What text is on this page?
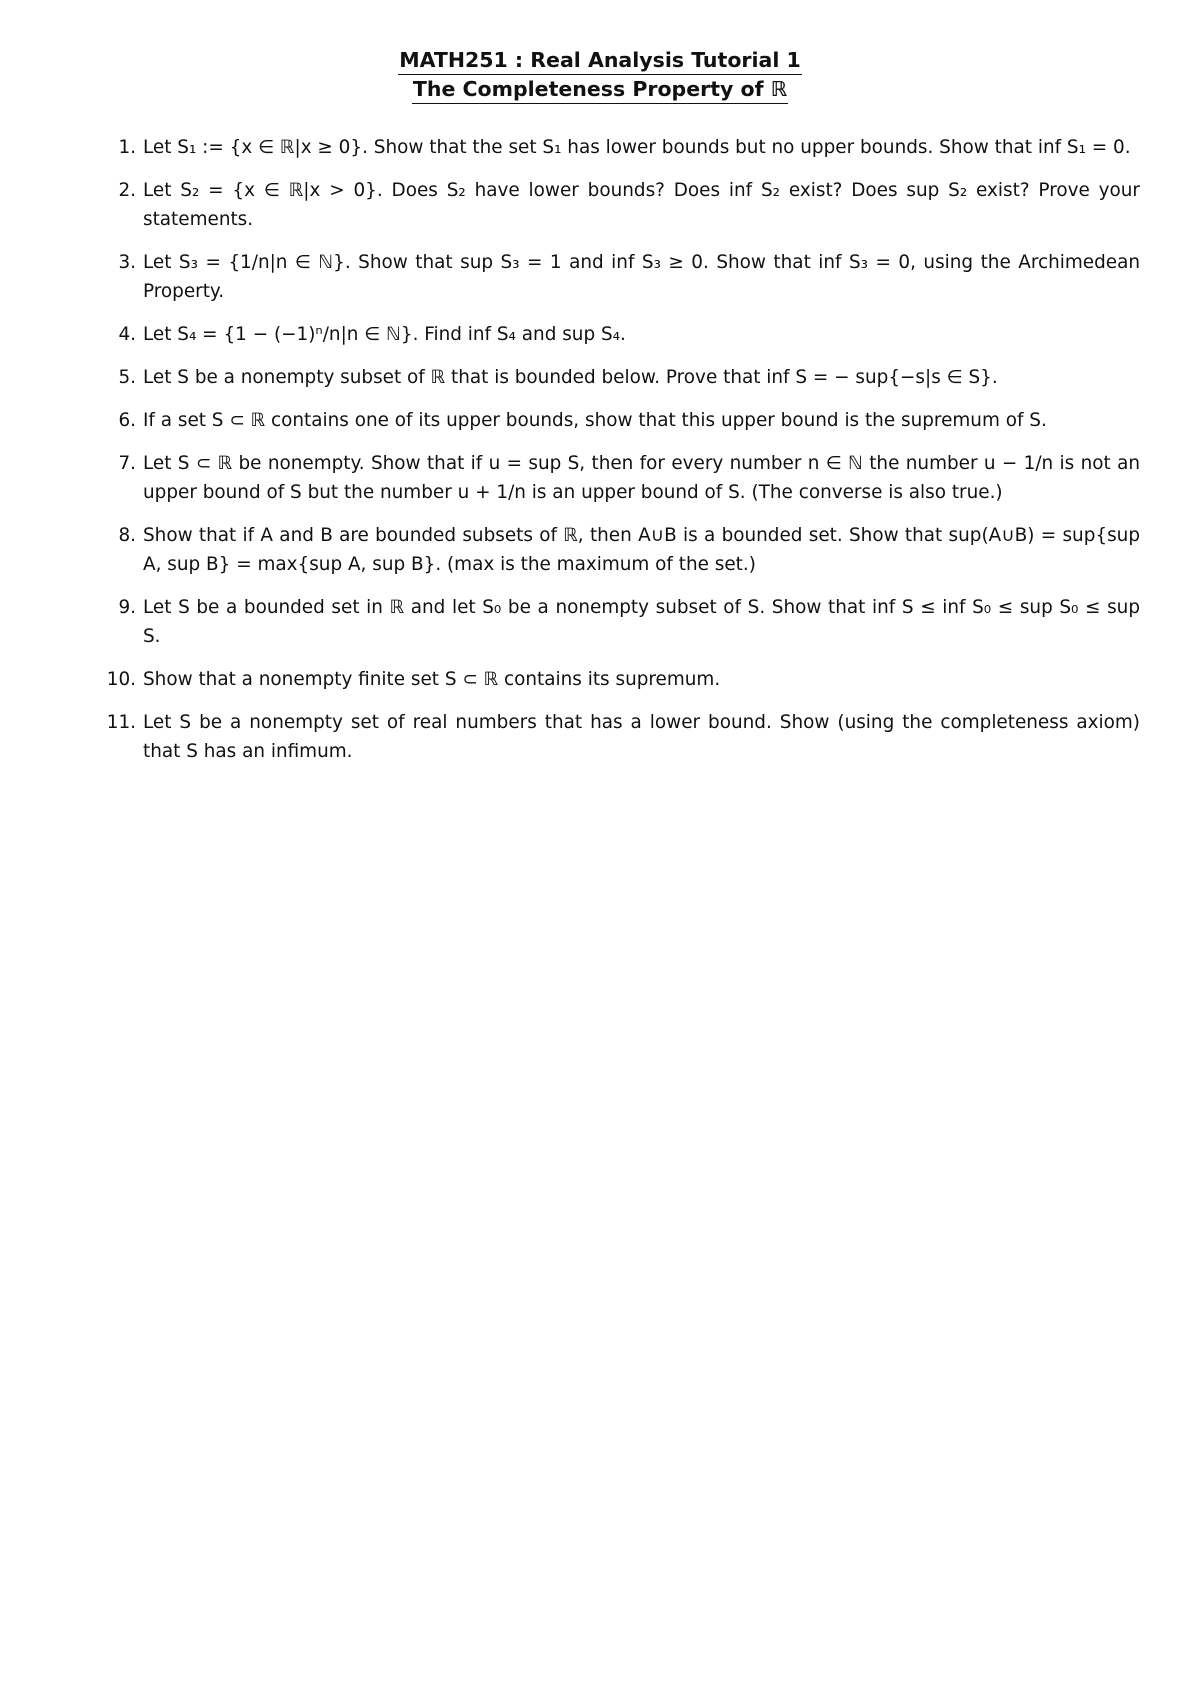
MATH251 : Real Analysis Tutorial 1
The Completeness Property of ℝ
1. Let S₁ := {x ∈ ℝ|x ≥ 0}. Show that the set S₁ has lower bounds but no upper bounds. Show that inf S₁ = 0.
2. Let S₂ = {x ∈ ℝ|x > 0}. Does S₂ have lower bounds? Does inf S₂ exist? Does sup S₂ exist? Prove your statements.
3. Let S₃ = {1/n|n ∈ ℕ}. Show that sup S₃ = 1 and inf S₃ ≥ 0. Show that inf S₃ = 0, using the Archimedean Property.
4. Let S₄ = {1 − (−1)ⁿ/n|n ∈ ℕ}. Find inf S₄ and sup S₄.
5. Let S be a nonempty subset of ℝ that is bounded below. Prove that inf S = − sup{−s|s ∈ S}.
6. If a set S ⊂ ℝ contains one of its upper bounds, show that this upper bound is the supremum of S.
7. Let S ⊂ ℝ be nonempty. Show that if u = sup S, then for every number n ∈ ℕ the number u − 1/n is not an upper bound of S but the number u + 1/n is an upper bound of S. (The converse is also true.)
8. Show that if A and B are bounded subsets of ℝ, then A∪B is a bounded set. Show that sup(A∪B) = sup{sup A, sup B} = max{sup A, sup B}. (max is the maximum of the set.)
9. Let S be a bounded set in ℝ and let S₀ be a nonempty subset of S. Show that inf S ≤ inf S₀ ≤ sup S₀ ≤ sup S.
10. Show that a nonempty finite set S ⊂ ℝ contains its supremum.
11. Let S be a nonempty set of real numbers that has a lower bound. Show (using the completeness axiom) that S has an infimum.
